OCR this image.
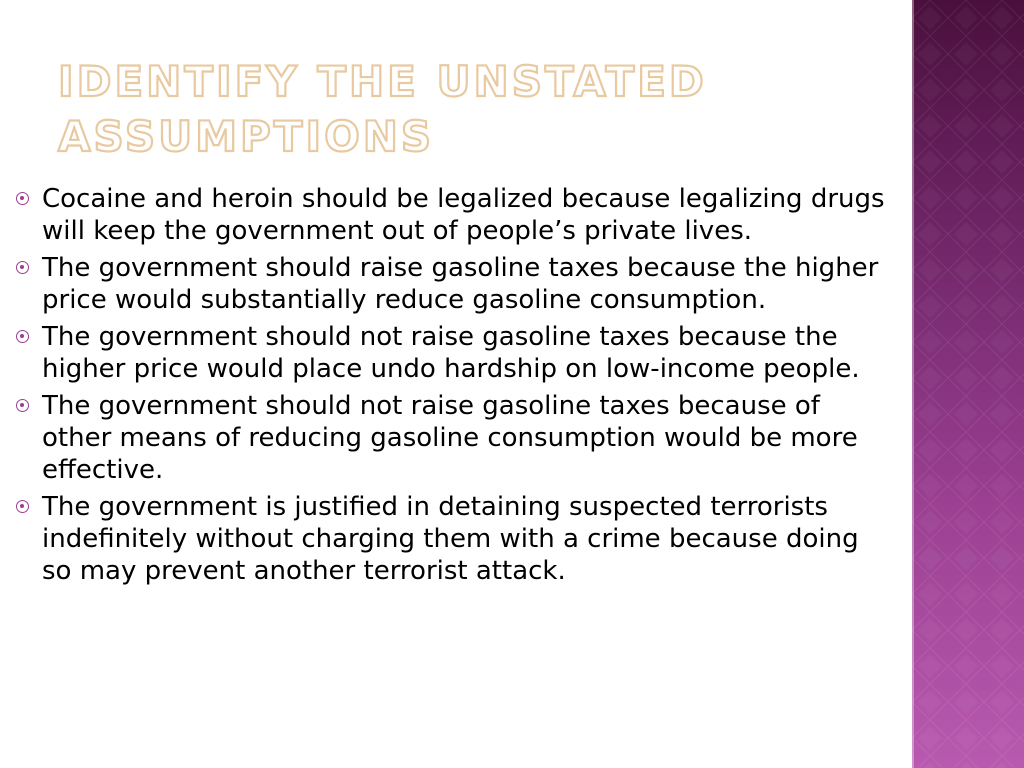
IDENTIFY THE UNSTATED ASSUMPTIONS
Cocaine and heroin should be legalized because legalizing drugs will keep the government out of people’s private lives.
The government should raise gasoline taxes because the higher price would substantially reduce gasoline consumption.
The government should not raise gasoline taxes because the higher price would place undo hardship on low-income people.
The government should not raise gasoline taxes because of other means of reducing gasoline consumption would be more effective.
The government is justified in detaining suspected terrorists indefinitely without charging them with a crime because doing so may prevent another terrorist attack.
